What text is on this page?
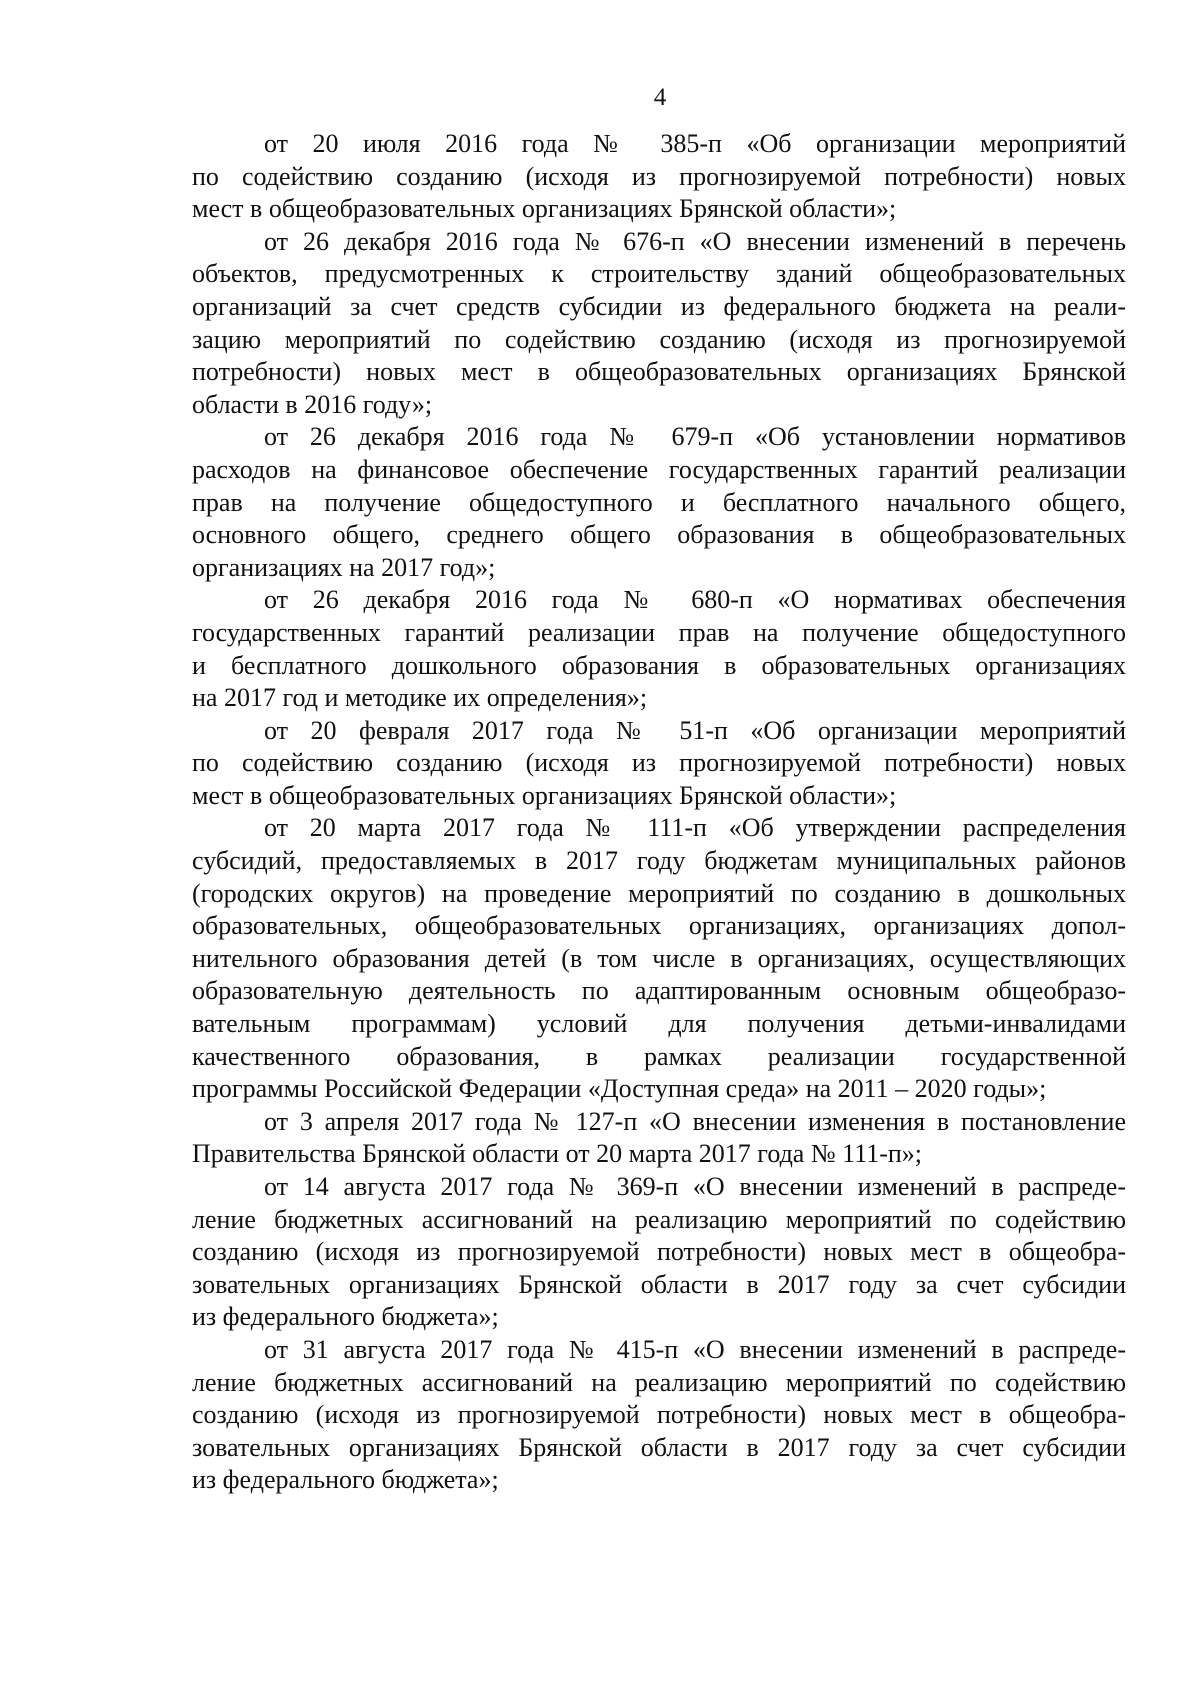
4
от 20 июля 2016 года № 385-п «Об организации мероприятий
по содействию созданию (исходя из прогнозируемой потребности) новых
мест в общеобразовательных организациях Брянской области»;
от 26 декабря 2016 года № 676-п «О внесении изменений в перечень
объектов, предусмотренных к строительству зданий общеобразовательных
организаций за счет средств субсидии из федерального бюджета на реали-
зацию мероприятий по содействию созданию (исходя из прогнозируемой
потребности) новых мест в общеобразовательных организациях Брянской
области в 2016 году»;
от 26 декабря 2016 года № 679-п «Об установлении нормативов
расходов на финансовое обеспечение государственных гарантий реализации
прав на получение общедоступного и бесплатного начального общего,
основного общего, среднего общего образования в общеобразовательных
организациях на 2017 год»;
от 26 декабря 2016 года № 680-п «О нормативах обеспечения
государственных гарантий реализации прав на получение общедоступного
и бесплатного дошкольного образования в образовательных организациях
на 2017 год и методике их определения»;
от 20 февраля 2017 года № 51-п «Об организации мероприятий
по содействию созданию (исходя из прогнозируемой потребности) новых
мест в общеобразовательных организациях Брянской области»;
от 20 марта 2017 года № 111-п «Об утверждении распределения
субсидий, предоставляемых в 2017 году бюджетам муниципальных районов
(городских округов) на проведение мероприятий по созданию в дошкольных
образовательных, общеобразовательных организациях, организациях допол-
нительного образования детей (в том числе в организациях, осуществляющих
образовательную деятельность по адаптированным основным общеобразо-
вательным программам) условий для получения детьми-инвалидами
качественного образования, в рамках реализации государственной
программы Российской Федерации «Доступная среда» на 2011 – 2020 годы»;
от 3 апреля 2017 года № 127-п «О внесении изменения в постановление
Правительства Брянской области от 20 марта 2017 года № 111-п»;
от 14 августа 2017 года № 369-п «О внесении изменений в распреде-
ление бюджетных ассигнований на реализацию мероприятий по содействию
созданию (исходя из прогнозируемой потребности) новых мест в общеобра-
зовательных организациях Брянской области в 2017 году за счет субсидии
из федерального бюджета»;
от 31 августа 2017 года № 415-п «О внесении изменений в распреде-
ление бюджетных ассигнований на реализацию мероприятий по содействию
созданию (исходя из прогнозируемой потребности) новых мест в общеобра-
зовательных организациях Брянской области в 2017 году за счет субсидии
из федерального бюджета»;
